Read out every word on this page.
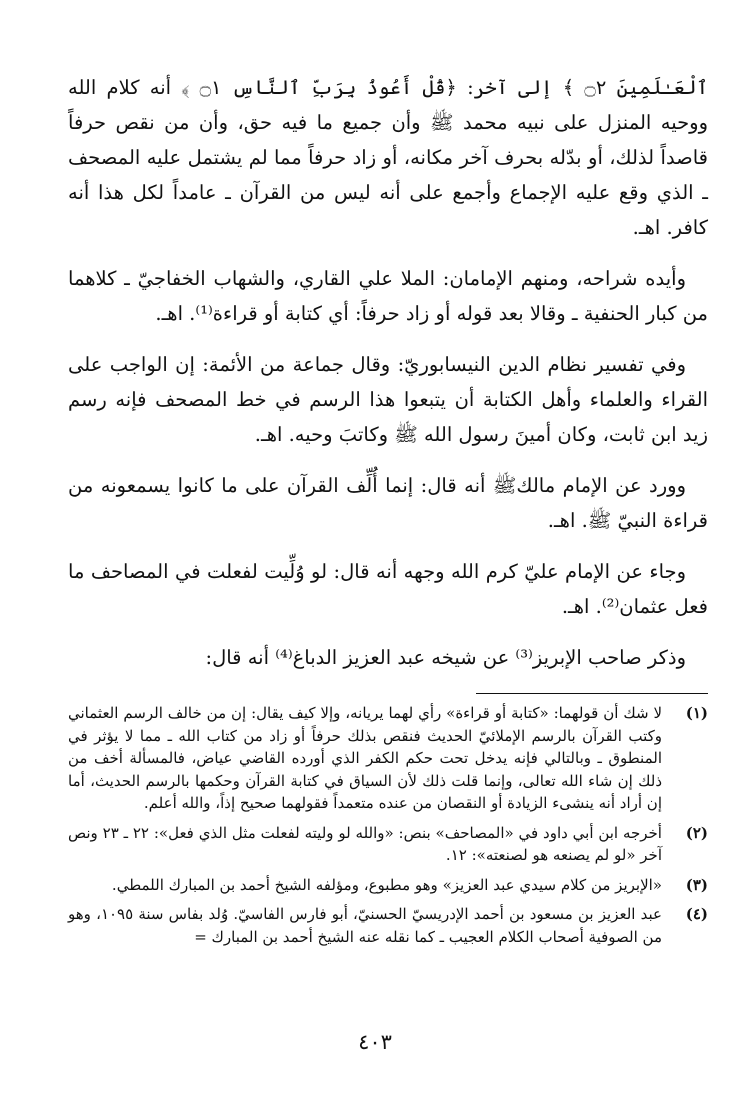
ٱلْعَـٰلَمِينَ ۝٢ ﴾ إلى آخر: ﴿قُلْ أَعُوذُ بِرَبِّ ٱلنَّاسِ ۝١ ﴾ أنه كلام الله ووحيه المنزل على نبيه محمد ﷺ وأن جميع ما فيه حق، وأن من نقص حرفاً قاصداً لذلك، أو بدّله بحرف آخر مكانه، أو زاد حرفاً مما لم يشتمل عليه المصحف ـ الذي وقع عليه الإجماع وأجمع على أنه ليس من القرآن ـ عامداً لكل هذا أنه كافر. اهـ.

وأيده شراحه، ومنهم الإمامان: الملا علي القاري، والشهاب الخفاجيّ ـ كلاهما من كبار الحنفية ـ وقالا بعد قوله أو زاد حرفاً: أي كتابة أو قراءة⁽¹⁾. اهـ.

وفي تفسير نظام الدين النيسابوريّ: وقال جماعة من الأئمة: إن الواجب على القراء والعلماء وأهل الكتابة أن يتبعوا هذا الرسم في خط المصحف فإنه رسم زيد ابن ثابت، وكان أمينَ رسول الله ﷺ وكاتبَ وحيه. اهـ.

وورد عن الإمام مالكﷺ أنه قال: إنما أُلِّف القرآن على ما كانوا يسمعونه من قراءة النبيّ ﷺ. اهـ.

وجاء عن الإمام عليّ كرم الله وجهه أنه قال: لو وُلِّيت لفعلت في المصاحف ما فعل عثمان⁽²⁾. اهـ.

وذكر صاحب الإبريز⁽³⁾ عن شيخه عبد العزيز الدباغ⁽⁴⁾ أنه قال:

(١)
لا شك أن قولهما: «كتابة أو قراءة» رأي لهما يريانه، وإلا كيف يقال: إن من خالف الرسم العثماني وكتب القرآن بالرسم الإملائيّ الحديث فنقص بذلك حرفاً أو زاد من كتاب الله ـ مما لا يؤثر في المنطوق ـ وبالتالي فإنه يدخل تحت حكم الكفر الذي أورده القاضي عياض، فالمسألة أخف من ذلك إن شاء الله تعالى، وإنما قلت ذلك لأن السياق في كتابة القرآن وحكمها بالرسم الحديث، أما إن أراد أنه ينشىء الزيادة أو النقصان من عنده متعمداً فقولهما صحيح إذاً، والله أعلم.
(٢)
أخرجه ابن أبي داود في «المصاحف» بنص: «والله لو وليته لفعلت مثل الذي فعل»: ٢٢ ـ ٢٣ ونص آخر «لو لم يصنعه هو لصنعته»: ١٢.
(٣)
«الإبريز من كلام سيدي عبد العزيز» وهو مطبوع، ومؤلفه الشيخ أحمد بن المبارك اللمطي.
(٤)
عبد العزيز بن مسعود بن أحمد الإدريسيّ الحسنيّ، أبو فارس الفاسيّ. وُلد بفاس سنة ١٠٩٥، وهو من الصوفية أصحاب الكلام العجيب ـ كما نقله عنه الشيخ أحمد بن المبارك =
٤٠٣
